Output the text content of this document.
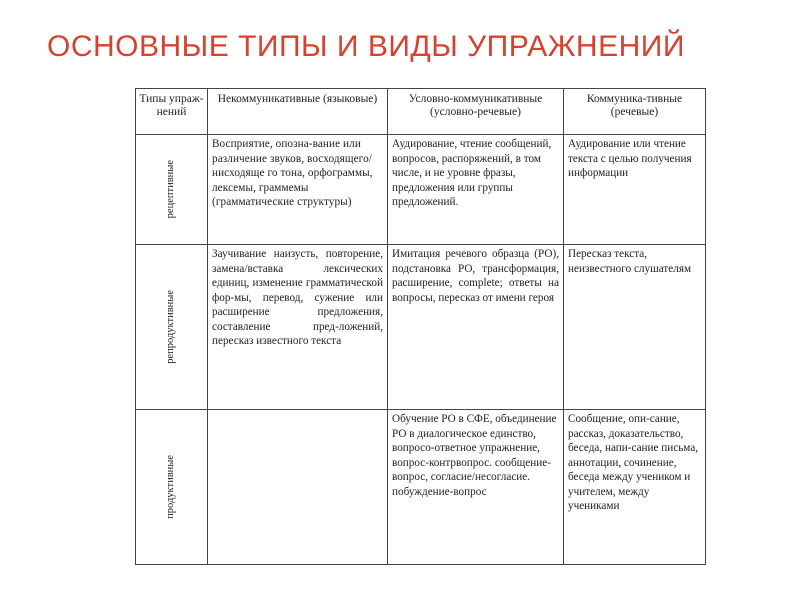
ОСНОВНЫЕ ТИПЫ И ВИДЫ УПРАЖНЕНИЙ
Типы упраж-нений	Некоммуникативные (языковые)	Условно-коммуникативные (условно-речевые)	Коммуника-тивные (речевые)

рецептивные	Восприятие, опозна-вание или различение звуков, восходящего/нисходяще го тона, орфограммы, лексемы, граммемы (грамматические структуры)	Аудирование, чтение сообщений, вопросов, распоряжений, в том числе, и не уровне фразы, предложения или группы предложений.	Аудирование или чтение текста с целью получения информации

репродуктивные	Заучивание наизусть, повторение, замена/вставка лексических единиц, изменение грамматической фор-мы, перевод, сужение или расширение предложения, составление пред-ложений, пересказ известного текста	Имитация речевого образца (РО), подстановка РО, трансформация, расширение, complete; ответы на вопросы, пересказ от имени героя	Пересказ текста, неизвестного слушателям

продуктивные		Обучение РО в СФЕ, объединение РО в диалогическое единство, вопросо-ответное упражнение, вопрос-контрвопрос. сообщение-вопрос, согласие/несогласие. побуждение-вопрос	Сообщение, опи-сание, рассказ, доказательство, беседа, напи-сание письма, аннотации, сочинение, беседа между учеником и учителем, между учениками
